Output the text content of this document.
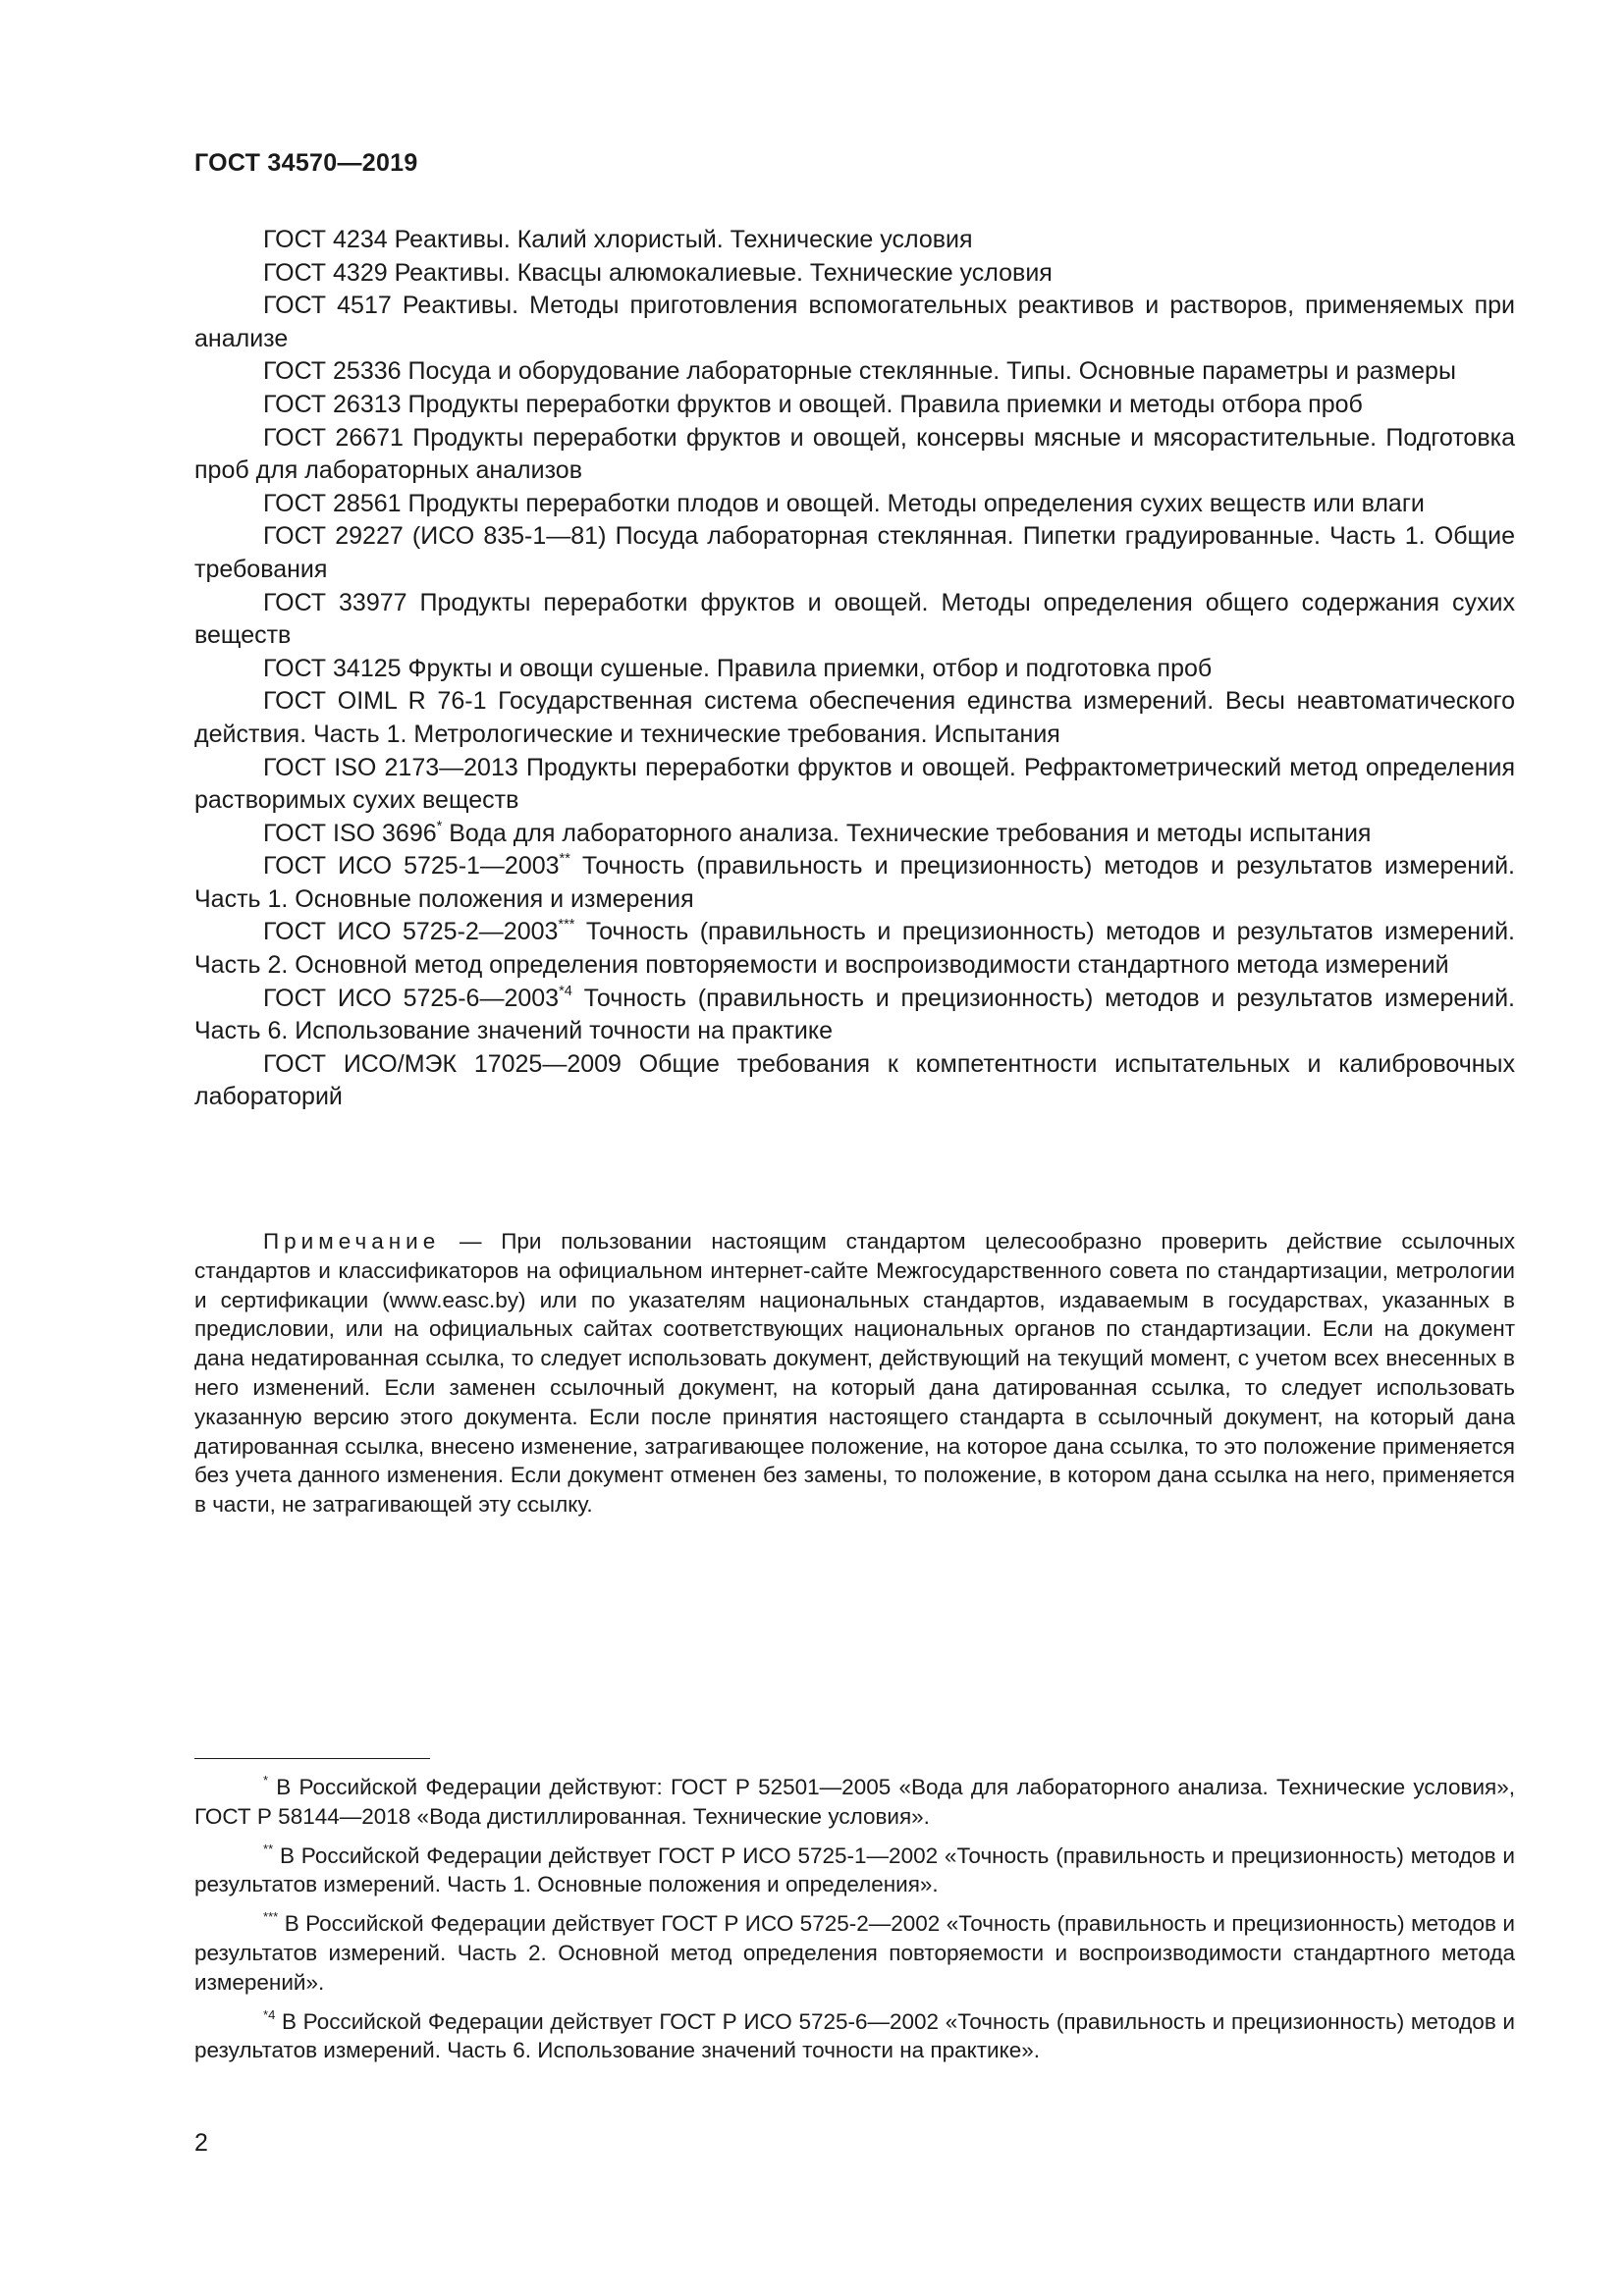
ГОСТ 34570—2019

ГОСТ 4234 Реактивы. Калий хлористый. Технические условия

ГОСТ 4329 Реактивы. Квасцы алюмокалиевые. Технические условия

ГОСТ 4517 Реактивы. Методы приготовления вспомогательных реактивов и растворов, применяемых при анализе

ГОСТ 25336 Посуда и оборудование лабораторные стеклянные. Типы. Основные параметры и размеры

ГОСТ 26313 Продукты переработки фруктов и овощей. Правила приемки и методы отбора проб

ГОСТ 26671 Продукты переработки фруктов и овощей, консервы мясные и мясорастительные. Подготовка проб для лабораторных анализов

ГОСТ 28561 Продукты переработки плодов и овощей. Методы определения сухих веществ или влаги

ГОСТ 29227 (ИСО 835-1—81) Посуда лабораторная стеклянная. Пипетки градуированные. Часть 1. Общие требования

ГОСТ 33977 Продукты переработки фруктов и овощей. Методы определения общего содержания сухих веществ

ГОСТ 34125 Фрукты и овощи сушеные. Правила приемки, отбор и подготовка проб

ГОСТ OIML R 76-1 Государственная система обеспечения единства измерений. Весы неавтоматического действия. Часть 1. Метрологические и технические требования. Испытания

ГОСТ ISO 2173—2013 Продукты переработки фруктов и овощей. Рефрактометрический метод определения растворимых сухих веществ

ГОСТ ISO 3696* Вода для лабораторного анализа. Технические требования и методы испытания

ГОСТ ИСО 5725-1—2003** Точность (правильность и прецизионность) методов и результатов измерений. Часть 1. Основные положения и измерения

ГОСТ ИСО 5725-2—2003*** Точность (правильность и прецизионность) методов и результатов измерений. Часть 2. Основной метод определения повторяемости и воспроизводимости стандартного метода измерений

ГОСТ ИСО 5725-6—2003$^{*4}$ Точность (правильность и прецизионность) методов и результатов измерений. Часть 6. Использование значений точности на практике

ГОСТ ИСО/МЭК 17025—2009 Общие требования к компетентности испытательных и калибровочных лабораторий

Примечание — При пользовании настоящим стандартом целесообразно проверить действие ссылочных стандартов и классификаторов на официальном интернет-сайте Межгосударственного совета по стандартизации, метрологии и сертификации (www.easc.by) или по указателям национальных стандартов, издаваемым в государствах, указанных в предисловии, или на официальных сайтах соответствующих национальных органов по стандартизации. Если на документ дана недатированная ссылка, то следует использовать документ, действующий на текущий момент, с учетом всех внесенных в него изменений. Если заменен ссылочный документ, на который дана датированная ссылка, то следует использовать указанную версию этого документа. Если после принятия настоящего стандарта в ссылочный документ, на который дана датированная ссылка, внесено изменение, затрагивающее положение, на которое дана ссылка, то это положение применяется без учета данного изменения. Если документ отменен без замены, то положение, в котором дана ссылка на него, применяется в части, не затрагивающей эту ссылку.

* В Российской Федерации действуют: ГОСТ Р 52501—2005 «Вода для лабораторного анализа. Технические условия», ГОСТ Р 58144—2018 «Вода дистиллированная. Технические условия».

** В Российской Федерации действует ГОСТ Р ИСО 5725-1—2002 «Точность (правильность и прецизионность) методов и результатов измерений. Часть 1. Основные положения и определения».

*** В Российской Федерации действует ГОСТ Р ИСО 5725-2—2002 «Точность (правильность и прецизионность) методов и результатов измерений. Часть 2. Основной метод определения повторяемости и воспроизводимости стандартного метода измерений».

$^{*4}$ В Российской Федерации действует ГОСТ Р ИСО 5725-6—2002 «Точность (правильность и прецизионность) методов и результатов измерений. Часть 6. Использование значений точности на практике».

2
